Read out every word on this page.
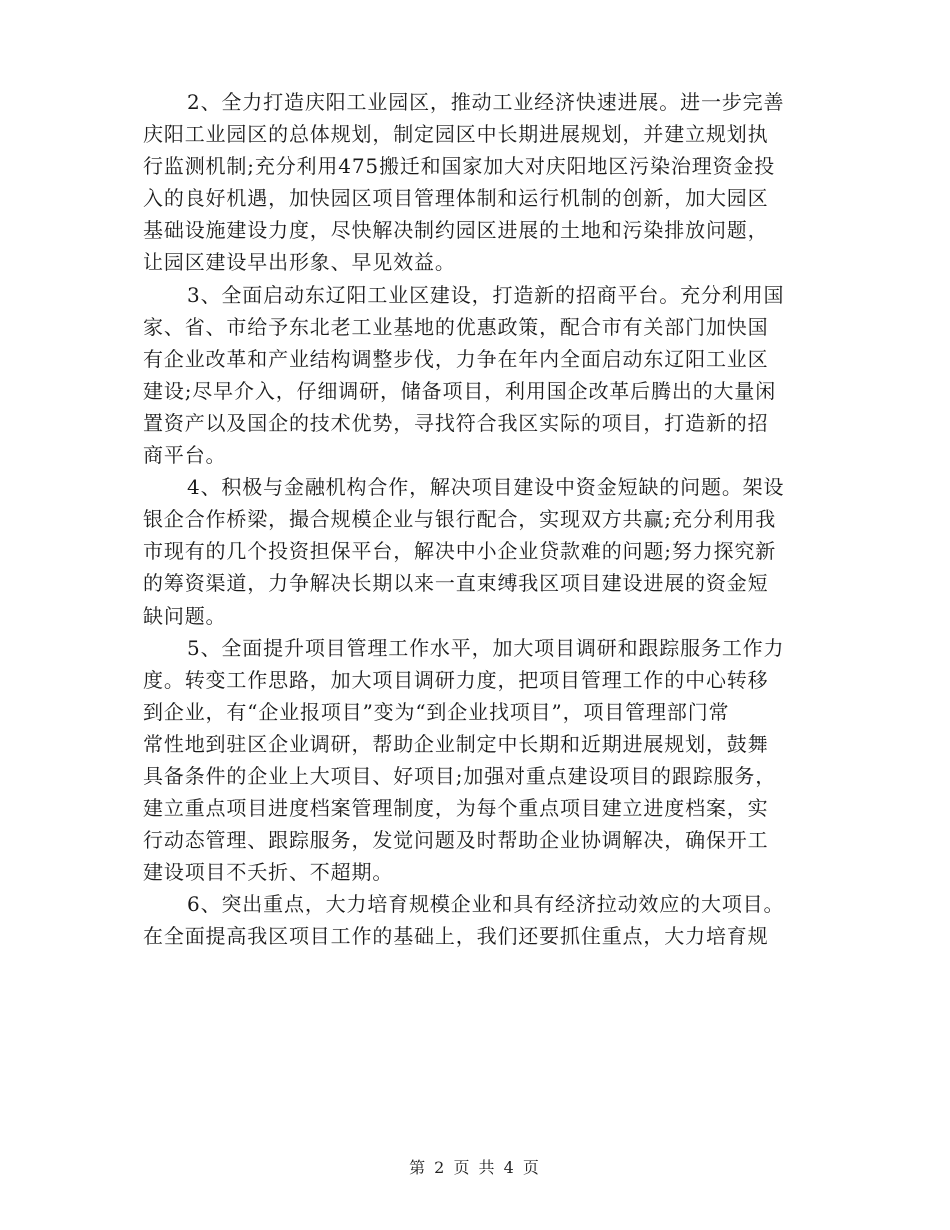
2、全力打造庆阳工业园区，推动工业经济快速进展。进一步完善
庆阳工业园区的总体规划，制定园区中长期进展规划，并建立规划执
行监测机制;充分利用475搬迁和国家加大对庆阳地区污染治理资金投
入的良好机遇，加快园区项目管理体制和运行机制的创新，加大园区
基础设施建设力度，尽快解决制约园区进展的土地和污染排放问题，
让园区建设早出形象、早见效益。

3、全面启动东辽阳工业区建设，打造新的招商平台。充分利用国
家、省、市给予东北老工业基地的优惠政策，配合市有关部门加快国
有企业改革和产业结构调整步伐，力争在年内全面启动东辽阳工业区
建设;尽早介入，仔细调研，储备项目，利用国企改革后腾出的大量闲
置资产以及国企的技术优势，寻找符合我区实际的项目，打造新的招
商平台。

4、积极与金融机构合作，解决项目建设中资金短缺的问题。架设
银企合作桥梁，撮合规模企业与银行配合，实现双方共赢;充分利用我
市现有的几个投资担保平台，解决中小企业贷款难的问题;努力探究新
的筹资渠道，力争解决长期以来一直束缚我区项目建设进展的资金短
缺问题。

5、全面提升项目管理工作水平，加大项目调研和跟踪服务工作力
度。转变工作思路，加大项目调研力度，把项目管理工作的中心转移
到企业，有“企业报项目”变为“到企业找项目”，项目管理部门常
常性地到驻区企业调研，帮助企业制定中长期和近期进展规划，鼓舞
具备条件的企业上大项目、好项目;加强对重点建设项目的跟踪服务，
建立重点项目进度档案管理制度，为每个重点项目建立进度档案，实
行动态管理、跟踪服务，发觉问题及时帮助企业协调解决，确保开工
建设项目不夭折、不超期。

6、突出重点，大力培育规模企业和具有经济拉动效应的大项目。
在全面提高我区项目工作的基础上，我们还要抓住重点，大力培育规

第 2 页 共 4 页
